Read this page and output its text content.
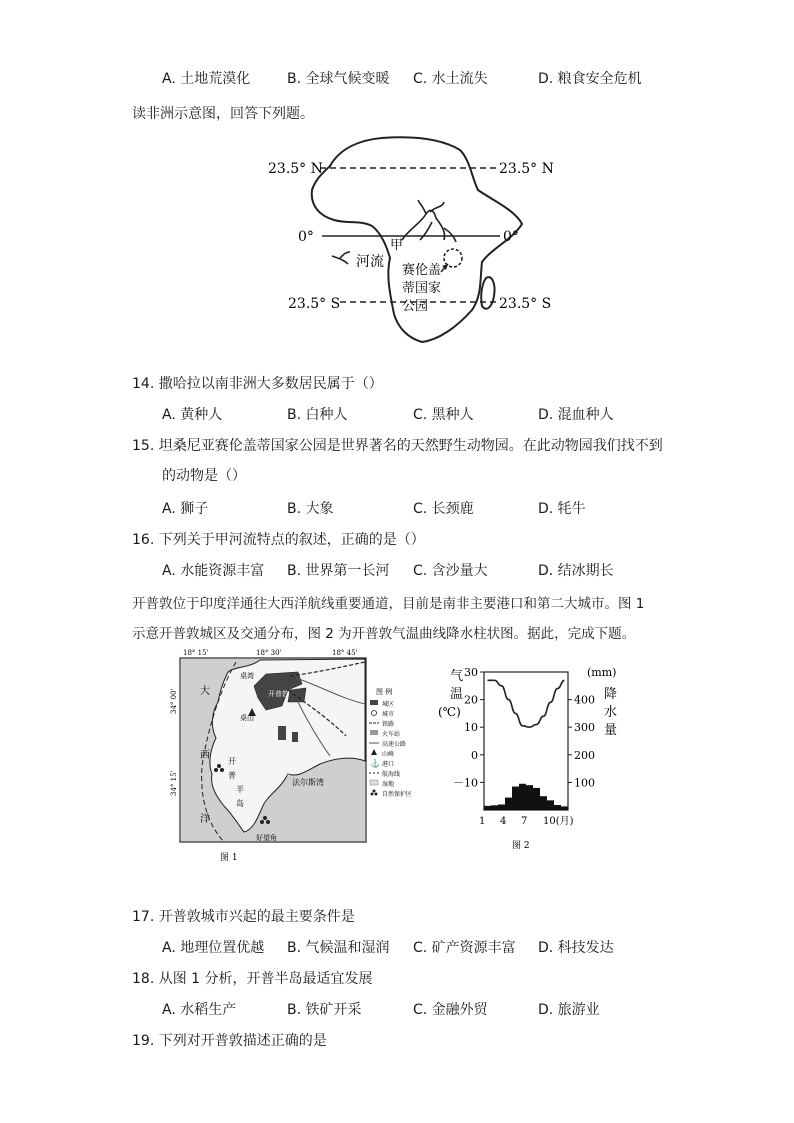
A. 土地荒漠化	B. 全球气候变暖 C. 水土流失	D. 粮食安全危机
读非洲示意图，回答下列题。
23.5° N	23.5° N
0°	0°
23.5° S	23.5° S
甲
河流
赛伦盖
蒂国家
公园
14. 撒哈拉以南非洲大多数居民属于（）
A. 黄种人	B. 白种人	C. 黑种人	D. 混血种人
15. 坦桑尼亚赛伦盖蒂国家公园是世界著名的天然野生动物园。在此动物园我们找不到
的动物是（）
A. 狮子	B. 大象	C. 长颈鹿	D. 牦牛
16. 下列关于甲河流特点的叙述，正确的是（）
A. 水能资源丰富 B. 世界第一长河 C. 含沙量大	D. 结冰期长
开普敦位于印度洋通往大西洋航线重要通道，目前是南非主要港口和第二大城市。图 1
示意开普敦城区及交通分布，图 2 为开普敦气温曲线降水柱状图。据此，完成下题。
18° 15'	18° 30'	18° 45'
34° 00'
34° 15'
大
西
洋
开
普
半
岛
法尔斯湾
桌湾
桌山
开普敦
好望角
图 例
城区
城市
铁路
火车站
高速公路
山峰
⚓ 港口
航海线
湿地
自然保护区
图 1
气
温
(℃)
(mm)
降
水
量
30
20
10
0
－10
400
300
200
100
1 4 7 10(月)
图 2
17. 开普敦城市兴起的最主要条件是
A. 地理位置优越 B. 气候温和湿润 C. 矿产资源丰富 D. 科技发达
18. 从图 1 分析，开普半岛最适宜发展
A. 水稻生产	B. 铁矿开采	C. 金融外贸	D. 旅游业
19. 下列对开普敦描述正确的是
